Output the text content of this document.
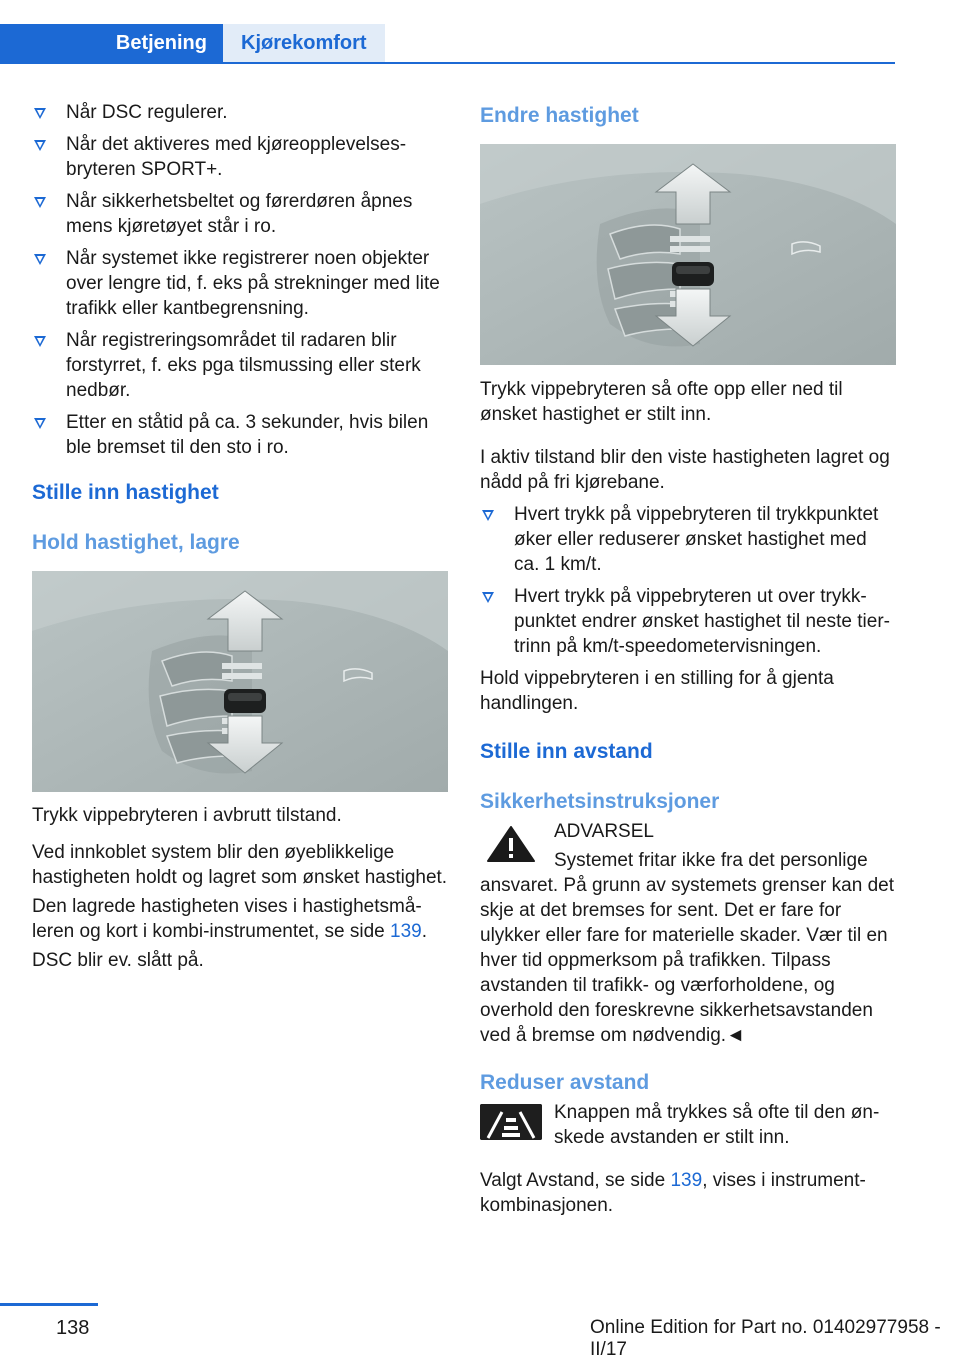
Betjening	Kjørekomfort
Når DSC regulerer.
Når det aktiveres med kjøreopplevelsesbryteren SPORT+.
Når sikkerhetsbeltet og førerdøren åpnes mens kjøretøyet står i ro.
Når systemet ikke registrerer noen objekter over lengre tid, f. eks på strekninger med lite trafikk eller kantbegrensning.
Når registreringsområdet til radaren blir forstyrret, f. eks pga tilsmussing eller sterk nedbør.
Etter en ståtid på ca. 3 sekunder, hvis bilen ble bremset til den sto i ro.
Stille inn hastighet
Hold hastighet, lagre

Trykk vippebryteren i avbrutt tilstand.

Ved innkoblet system blir den øyeblikkelige hastigheten holdt og lagret som ønsket hastighet.

Den lagrede hastigheten vises i hastighetsmåleren og kort i kombi-instrumentet, se side 139.

DSC blir ev. slått på.

Endre hastighet

Trykk vippebryteren så ofte opp eller ned til ønsket hastighet er stilt inn.

I aktiv tilstand blir den viste hastigheten lagret og nådd på fri kjørebane.

Hvert trykk på vippebryteren til trykkpunktet øker eller reduserer ønsket hastighet med ca. 1 km/t.
Hvert trykk på vippebryteren ut over trykkpunktet endrer ønsket hastighet til neste tier-trinn på km/t-speedometervisningen.

Hold vippebryteren i en stilling for å gjenta handlingen.

Stille inn avstand
Sikkerhetsinstruksjoner

ADVARSEL

Systemet fritar ikke fra det personlige ansvaret. På grunn av systemets grenser kan det skje at det bremses for sent. Det er fare for ulykker eller fare for materielle skader. Vær til en hver tid oppmerksom på trafikken. Tilpass avstanden til trafikk- og værforholdene, og overhold den foreskrevne sikkerhetsavstanden ved å bremse om nødvendig.◄

Reduser avstand

Knappen må trykkes så ofte til den ønskede avstanden er stilt inn.

Valgt Avstand, se side 139, vises i instrumentkombinasjonen.

138	Online Edition for Part no. 01402977958 - II/17
